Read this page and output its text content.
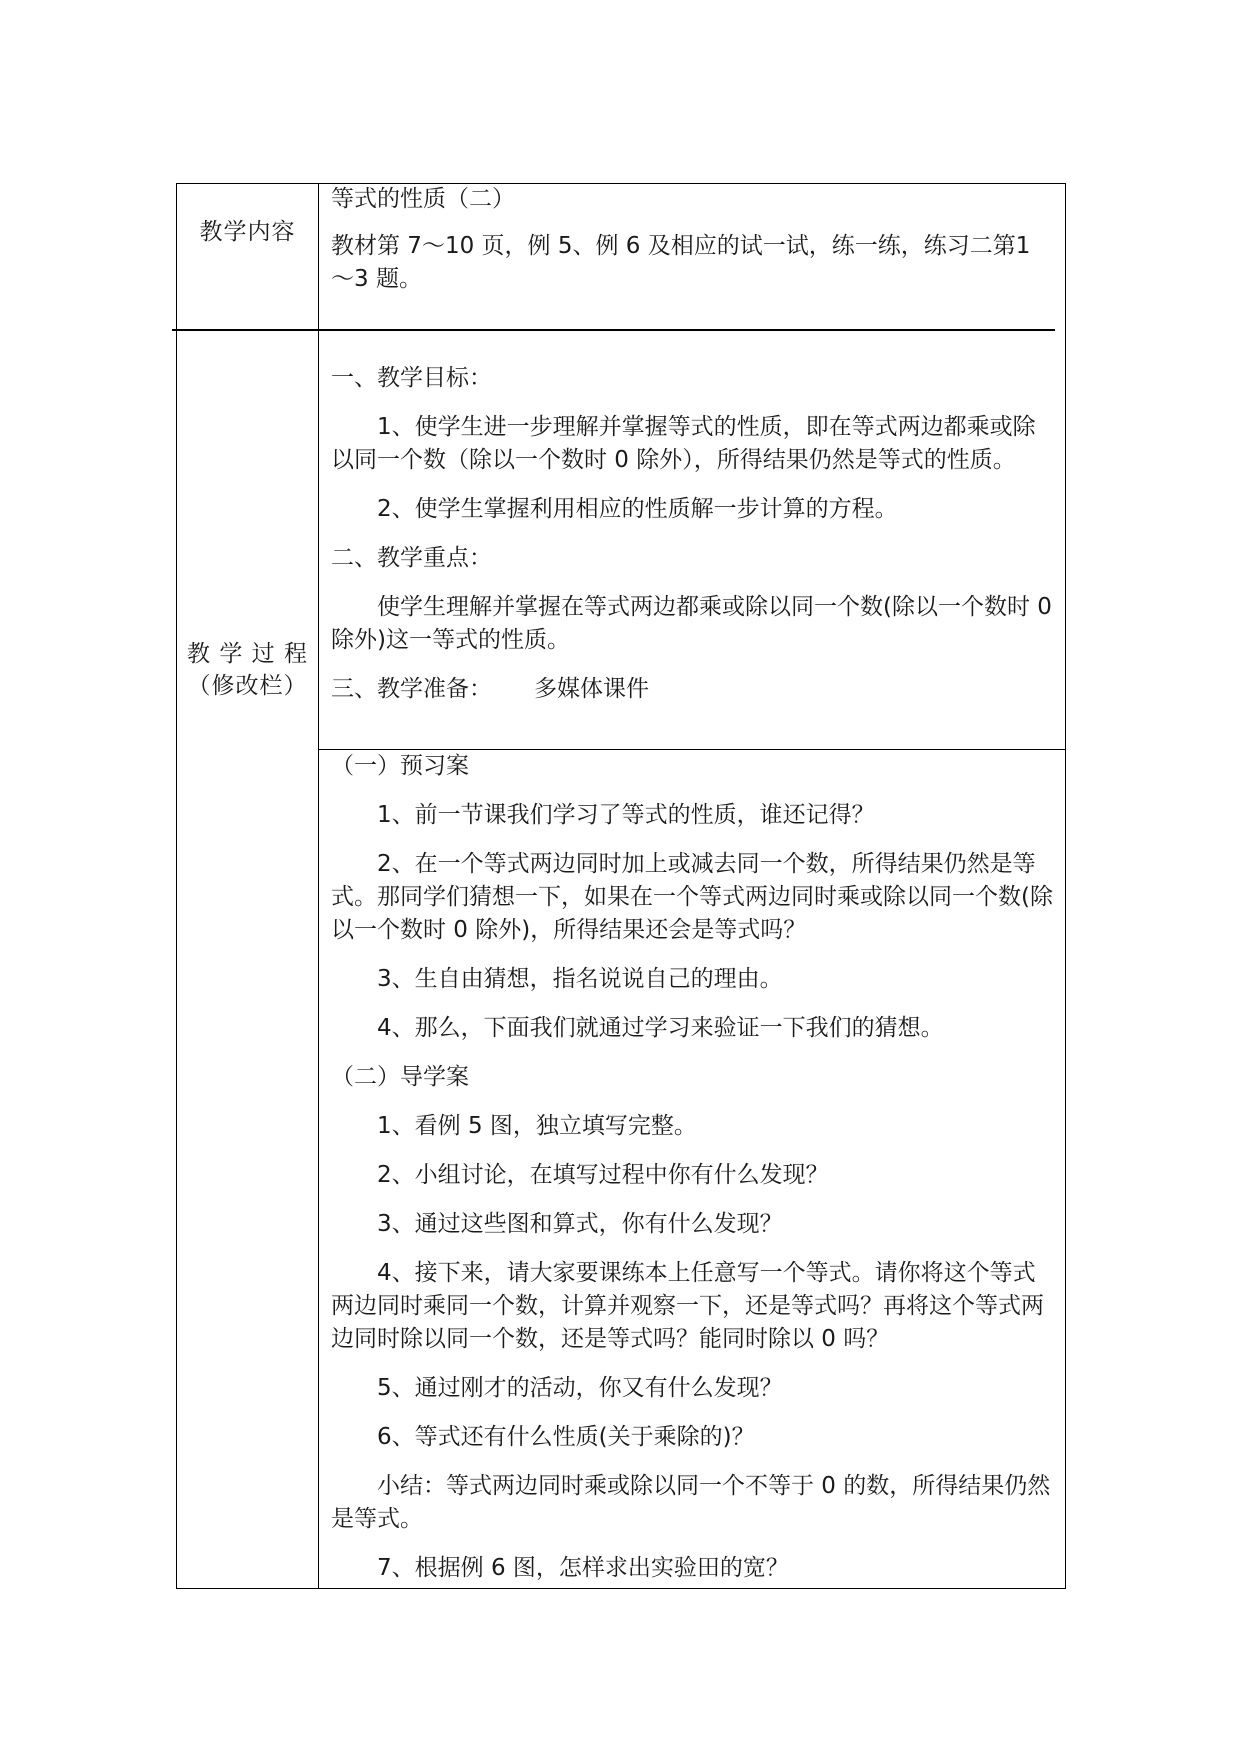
教学内容

等式的性质（二）

教材第 7～10 页，例 5、例 6 及相应的试一试，练一练，练习二第1～3 题。

教 学 过 程
（修改栏）

一、教学目标：

1、使学生进一步理解并掌握等式的性质，即在等式两边都乘或除以同一个数（除以一个数时 0 除外），所得结果仍然是等式的性质。

2、使学生掌握利用相应的性质解一步计算的方程。

二、教学重点：

使学生理解并掌握在等式两边都乘或除以同一个数(除以一个数时 0 除外)这一等式的性质。

三、教学准备： 多媒体课件

（一）预习案

1、前一节课我们学习了等式的性质，谁还记得？

2、在一个等式两边同时加上或减去同一个数，所得结果仍然是等式。那同学们猜想一下，如果在一个等式两边同时乘或除以同一个数(除以一个数时 0 除外)，所得结果还会是等式吗？

3、生自由猜想，指名说说自己的理由。

4、那么，下面我们就通过学习来验证一下我们的猜想。

（二）导学案

1、看例 5 图，独立填写完整。

2、小组讨论，在填写过程中你有什么发现？

3、通过这些图和算式，你有什么发现？

4、接下来，请大家要课练本上任意写一个等式。请你将这个等式两边同时乘同一个数，计算并观察一下，还是等式吗？再将这个等式两边同时除以同一个数，还是等式吗？能同时除以 0 吗？

5、通过刚才的活动，你又有什么发现？

6、等式还有什么性质(关于乘除的)？

小结：等式两边同时乘或除以同一个不等于 0 的数，所得结果仍然是等式。

7、根据例 6 图，怎样求出实验田的宽？
